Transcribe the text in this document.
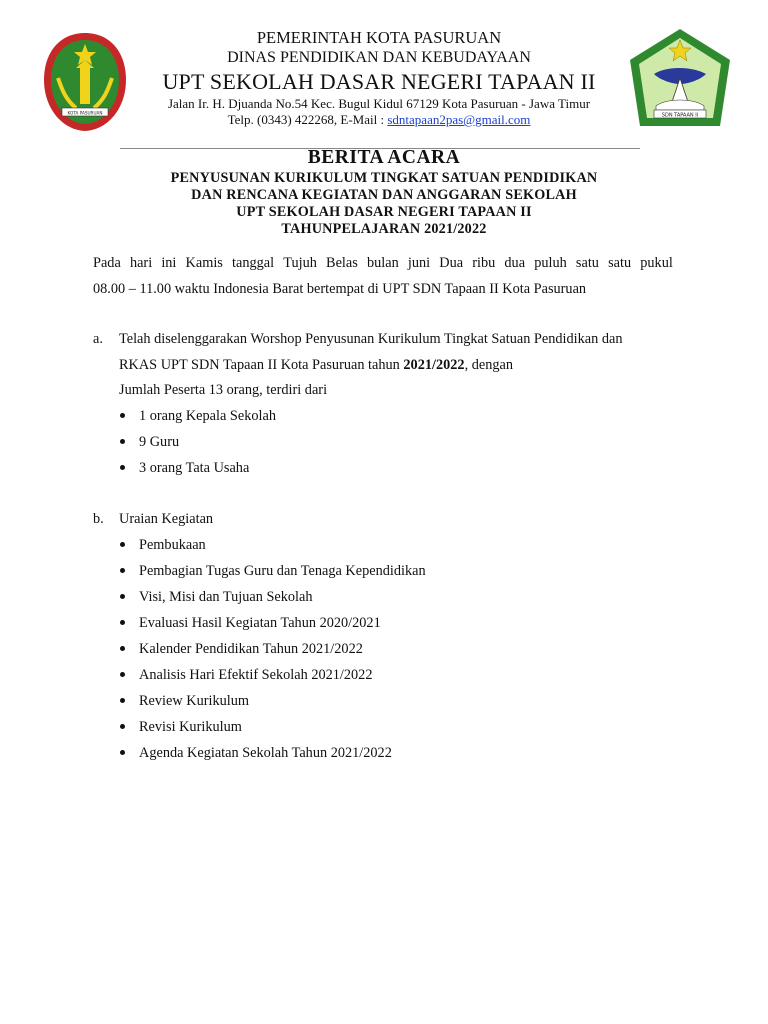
KOTA PASURUAN
PEMERINTAH KOTA PASURUAN
DINAS PENDIDIKAN DAN KEBUDAYAAN
UPT SEKOLAH DASAR NEGERI TAPAAN II
Jalan Ir. H. Djuanda No.54 Kec. Bugul Kidul 67129 Kota Pasuruan - Jawa Timur
Telp. (0343) 422268, E-Mail : sdntapaan2pas@gmail.com	SDN TAPAAN II
BERITA ACARA
PENYUSUNAN KURIKULUM TINGKAT SATUAN PENDIDIKAN
DAN RENCANA KEGIATAN DAN ANGGARAN SEKOLAH
UPT SEKOLAH DASAR NEGERI TAPAAN II
TAHUNPELAJARAN 2021/2022
Pada hari ini Kamis tanggal Tujuh Belas bulan juni Dua ribu dua puluh satu satu pukul
08.00 – 11.00 waktu Indonesia Barat bertempat di UPT SDN Tapaan II Kota Pasuruan
a. Telah diselenggarakan Worshop Penyusunan Kurikulum Tingkat Satuan Pendidikan dan
RKAS UPT SDN Tapaan II Kota Pasuruan tahun 2021/2022, dengan
Jumlah Peserta 13 orang, terdiri dari
1 orang Kepala Sekolah
9 Guru
3 orang Tata Usaha
b. Uraian Kegiatan
Pembukaan
Pembagian Tugas Guru dan Tenaga Kependidikan
Visi, Misi dan Tujuan Sekolah
Evaluasi Hasil Kegiatan Tahun 2020/2021
Kalender Pendidikan Tahun 2021/2022
Analisis Hari Efektif Sekolah 2021/2022
Review Kurikulum
Revisi Kurikulum
Agenda Kegiatan Sekolah Tahun 2021/2022
